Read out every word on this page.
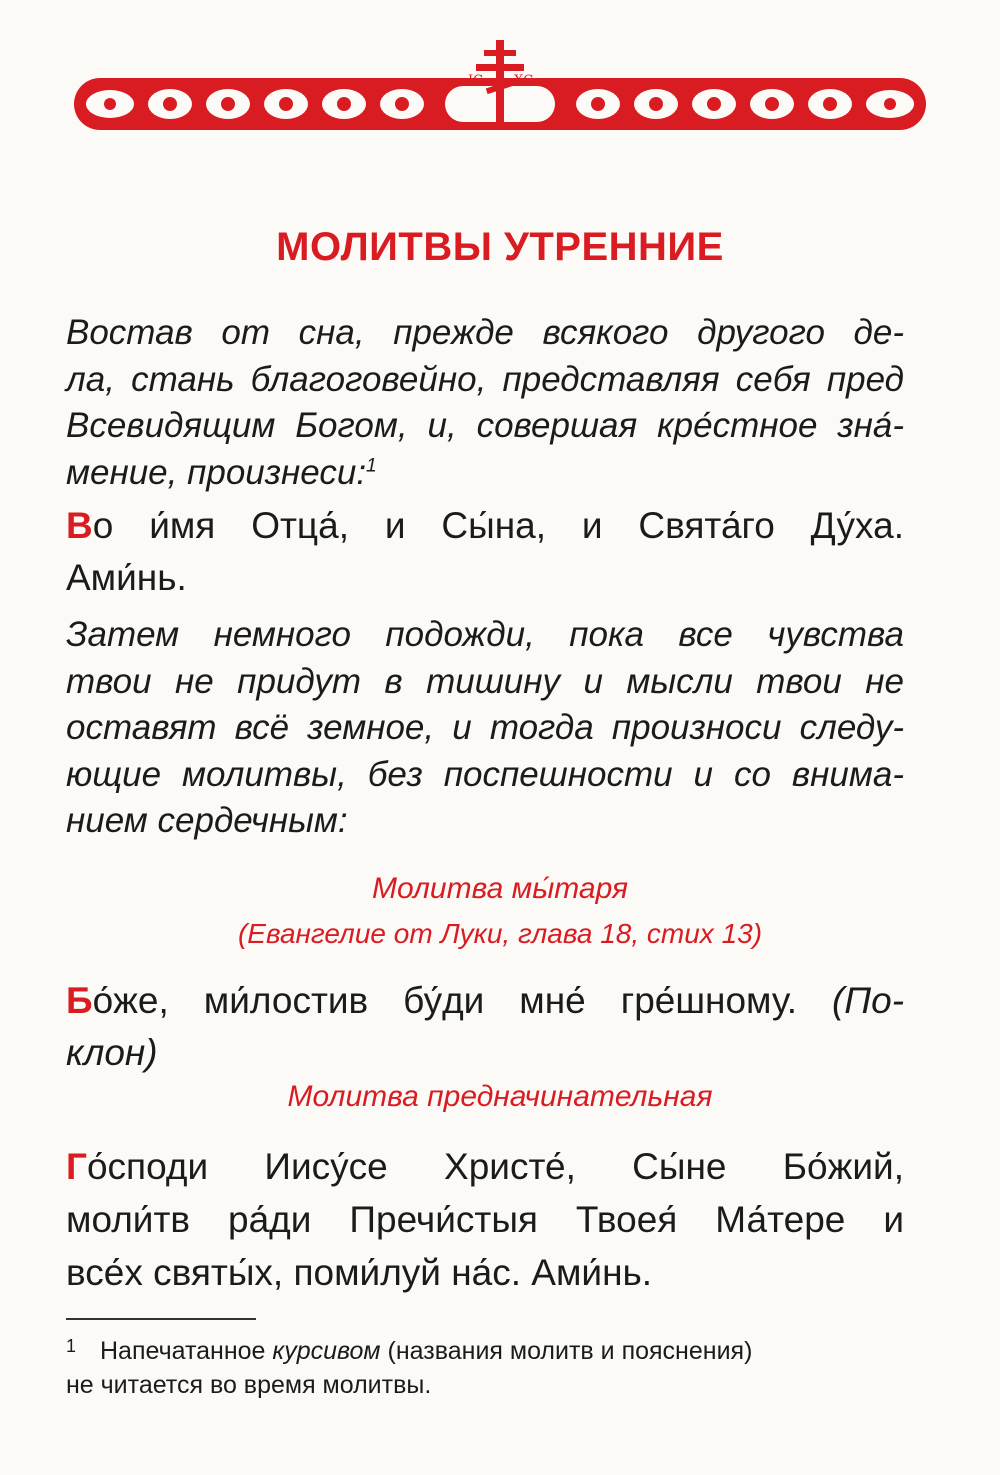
IС ХС
МОЛИТВЫ УТРЕННИЕ
Востав от сна, прежде всякого другого де-
ла, стань благоговейно, представляя себя пред
Всевидящим Богом, и, совершая кре́стное зна́-
мение, произнеси:$^1$
Во и́мя Отца́, и Сы́на, и Свята́го Ду́ха.
Ами́нь.
Затем немного подожди, пока все чувства
твои не придут в тишину и мысли твои не
оставят всё земное, и тогда произноси следу-
ющие молитвы, без поспешности и со внима-
нием сердечным:
Молитва мы́таря
(Евангелие от Луки, глава 18, стих 13)
Бо́же, ми́лостив бу́ди мне́ гре́шному. (По-
клон)
Молитва предначинательная
Го́споди Иису́се Христе́, Сы́не Бо́жий,
моли́тв ра́ди Пречи́стыя Твоея́ Ма́тере и
все́х святы́х, поми́луй на́с. Ами́нь.
1 Напечатанное курсивом (названия молитв и пояснения)
не читается во время молитвы.
